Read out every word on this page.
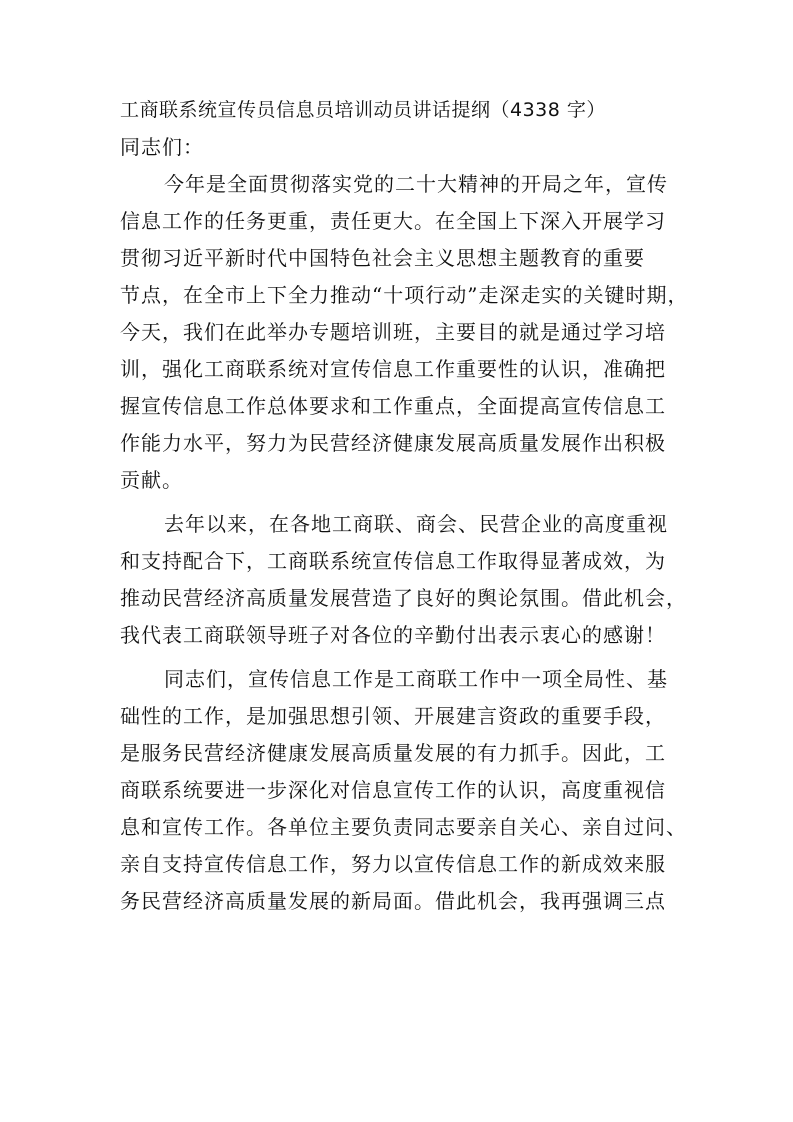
工商联系统宣传员信息员培训动员讲话提纲（4338 字）
同志们：
今年是全面贯彻落实党的二十大精神的开局之年，宣传
信息工作的任务更重，责任更大。在全国上下深入开展学习
贯彻习近平新时代中国特色社会主义思想主题教育的重要
节点，在全市上下全力推动“十项行动”走深走实的关键时期，
今天，我们在此举办专题培训班，主要目的就是通过学习培
训，强化工商联系统对宣传信息工作重要性的认识，准确把
握宣传信息工作总体要求和工作重点，全面提高宣传信息工
作能力水平，努力为民营经济健康发展高质量发展作出积极
贡献。
去年以来，在各地工商联、商会、民营企业的高度重视
和支持配合下，工商联系统宣传信息工作取得显著成效，为
推动民营经济高质量发展营造了良好的舆论氛围。借此机会，
我代表工商联领导班子对各位的辛勤付出表示衷心的感谢！
同志们，宣传信息工作是工商联工作中一项全局性、基
础性的工作，是加强思想引领、开展建言资政的重要手段，
是服务民营经济健康发展高质量发展的有力抓手。因此，工
商联系统要进一步深化对信息宣传工作的认识，高度重视信
息和宣传工作。各单位主要负责同志要亲自关心、亲自过问、
亲自支持宣传信息工作，努力以宣传信息工作的新成效来服
务民营经济高质量发展的新局面。借此机会，我再强调三点
